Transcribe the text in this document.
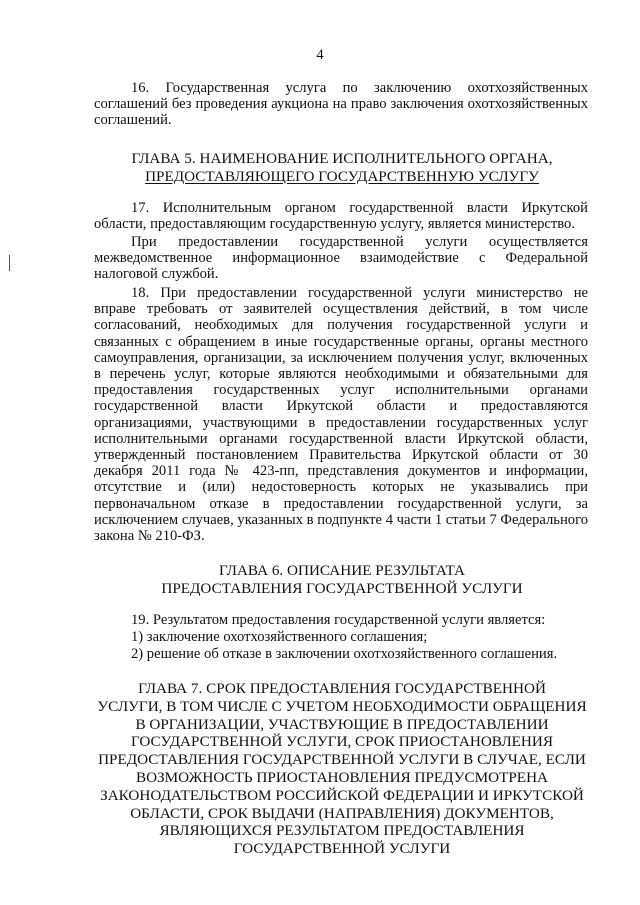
4
16. Государственная услуга по заключению охотхозяйственных соглашений без проведения аукциона на право заключения охотхозяйственных соглашений.
ГЛАВА 5. НАИМЕНОВАНИЕ ИСПОЛНИТЕЛЬНОГО ОРГАНА,
ПРЕДОСТАВЛЯЮЩЕГО ГОСУДАРСТВЕННУЮ УСЛУГУ
17. Исполнительным органом государственной власти Иркутской области, предоставляющим государственную услугу, является министерство.
При предоставлении государственной услуги осуществляется межведомственное информационное взаимодействие с Федеральной налоговой службой.
18. При предоставлении государственной услуги министерство не вправе требовать от заявителей осуществления действий, в том числе согласований, необходимых для получения государственной услуги и связанных с обращением в иные государственные органы, органы местного самоуправления, организации, за исключением получения услуг, включенных в перечень услуг, которые являются необходимыми и обязательными для предоставления государственных услуг исполнительными органами государственной власти Иркутской области и предоставляются организациями, участвующими в предоставлении государственных услуг исполнительными органами государственной власти Иркутской области, утвержденный постановлением Правительства Иркутской области от 30 декабря 2011 года № 423-пп, представления документов и информации, отсутствие и (или) недостоверность которых не указывались при первоначальном отказе в предоставлении государственной услуги, за исключением случаев, указанных в подпункте 4 части 1 статьи 7 Федерального закона № 210-ФЗ.
ГЛАВА 6. ОПИСАНИЕ РЕЗУЛЬТАТА
ПРЕДОСТАВЛЕНИЯ ГОСУДАРСТВЕННОЙ УСЛУГИ
19. Результатом предоставления государственной услуги является:
1) заключение охотхозяйственного соглашения;
2) решение об отказе в заключении охотхозяйственного соглашения.
ГЛАВА 7. СРОК ПРЕДОСТАВЛЕНИЯ ГОСУДАРСТВЕННОЙ
УСЛУГИ, В ТОМ ЧИСЛЕ С УЧЕТОМ НЕОБХОДИМОСТИ ОБРАЩЕНИЯ
В ОРГАНИЗАЦИИ, УЧАСТВУЮЩИЕ В ПРЕДОСТАВЛЕНИИ
ГОСУДАРСТВЕННОЙ УСЛУГИ, СРОК ПРИОСТАНОВЛЕНИЯ
ПРЕДОСТАВЛЕНИЯ ГОСУДАРСТВЕННОЙ УСЛУГИ В СЛУЧАЕ, ЕСЛИ
ВОЗМОЖНОСТЬ ПРИОСТАНОВЛЕНИЯ ПРЕДУСМОТРЕНА
ЗАКОНОДАТЕЛЬСТВОМ РОССИЙСКОЙ ФЕДЕРАЦИИ И ИРКУТСКОЙ
ОБЛАСТИ, СРОК ВЫДАЧИ (НАПРАВЛЕНИЯ) ДОКУМЕНТОВ,
ЯВЛЯЮЩИХСЯ РЕЗУЛЬТАТОМ ПРЕДОСТАВЛЕНИЯ
ГОСУДАРСТВЕННОЙ УСЛУГИ
